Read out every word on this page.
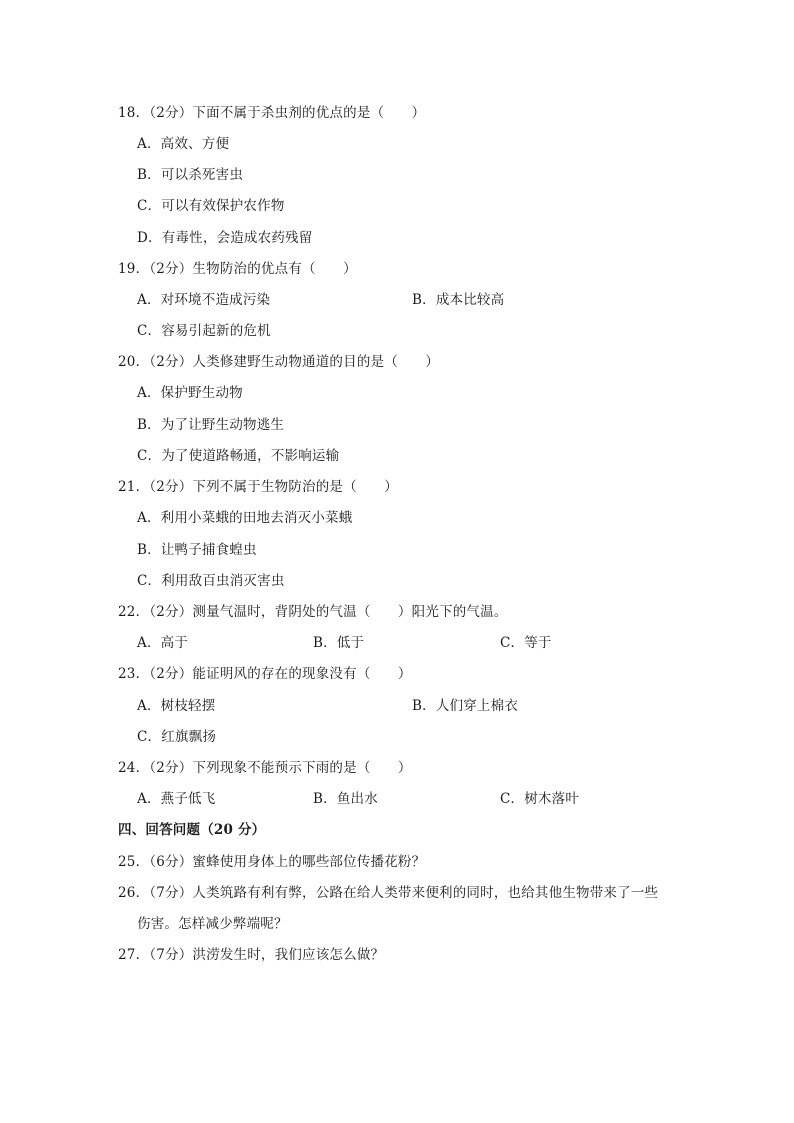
18．（2分）下面不属于杀虫剂的优点的是（　　）
A．高效、方便
B．可以杀死害虫
C．可以有效保护农作物
D．有毒性，会造成农药残留
19．（2分）生物防治的优点有（　　）
A．对环境不造成污染	B．成本比较高
C．容易引起新的危机
20．（2分）人类修建野生动物通道的目的是（　　）
A．保护野生动物
B．为了让野生动物逃生
C．为了使道路畅通，不影响运输
21．（2分）下列不属于生物防治的是（　　）
A．利用小菜蛾的田地去消灭小菜蛾
B．让鸭子捕食蝗虫
C．利用敌百虫消灭害虫
22．（2分）测量气温时，背阴处的气温（　　）阳光下的气温。
A．高于	B．低于	C．等于
23．（2分）能证明风的存在的现象没有（　　）
A．树枝轻摆	B．人们穿上棉衣
C．红旗飘扬
24．（2分）下列现象不能预示下雨的是（　　）
A．燕子低飞	B．鱼出水	C．树木落叶
四、回答问题（20 分）
25．（6分）蜜蜂使用身体上的哪些部位传播花粉？
26．（7分）人类筑路有利有弊，公路在给人类带来便利的同时，也给其他生物带来了一些
伤害。怎样减少弊端呢？
27．（7分）洪涝发生时，我们应该怎么做？
